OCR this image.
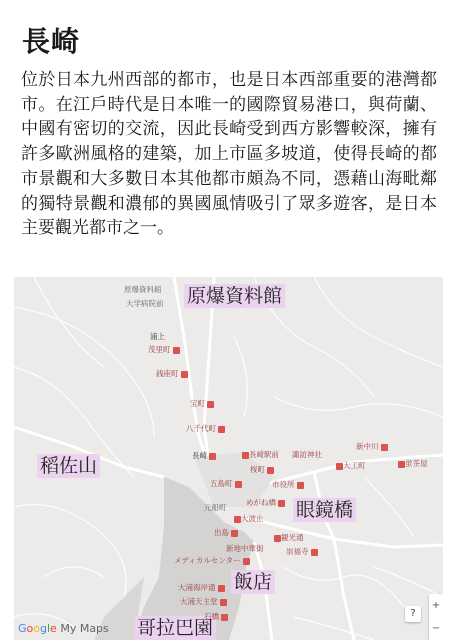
長崎

位於日本九州西部的都市，也是日本西部重要的港灣都市。在江戶時代是日本唯一的國際貿易港口，與荷蘭、中國有密切的交流，因此長崎受到西方影響較深，擁有許多歐洲風格的建築，加上市區多坡道，使得長崎的都市景觀和大多數日本其他都市頗為不同，憑藉山海毗鄰的獨特景觀和濃郁的異國風情吸引了眾多遊客，是日本主要觀光都市之一。

原爆資料館
稻佐山
眼鏡橋
飯店
哥拉巴園
原爆資料館
大学病院前
浦上
茂里町
銭座町
宝町
八千代町
長崎	長崎駅前 諏訪神社
新中川
桜町	大工町	蛍茶屋
五島町	市役所
めがね橋
元船町
大波止
出島
観光通
新地中華街	崇福寺
メディカルセンター
大浦海岸通
大浦天主堂
石橋
Google My Maps
?
+
−
